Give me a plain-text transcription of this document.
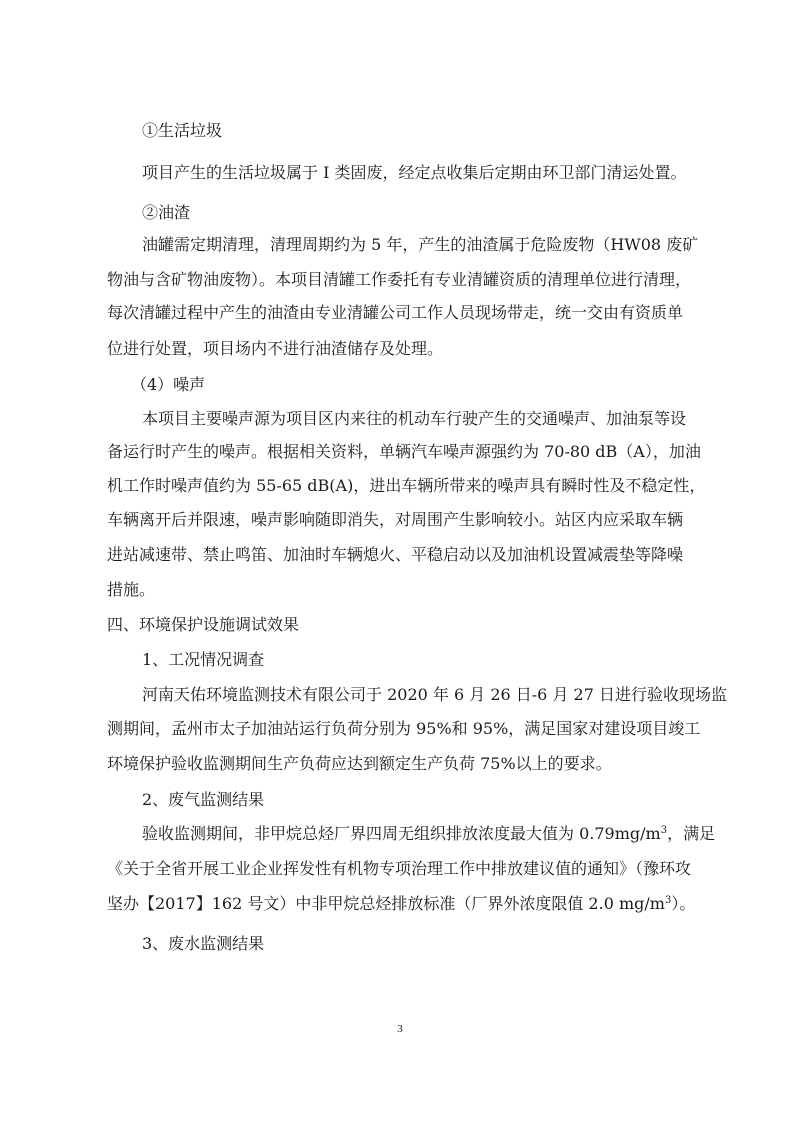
①生活垃圾
项目产生的生活垃圾属于 I 类固废，经定点收集后定期由环卫部门清运处置。
②油渣
油罐需定期清理，清理周期约为 5 年，产生的油渣属于危险废物（HW08 废矿
物油与含矿物油废物）。本项目清罐工作委托有专业清罐资质的清理单位进行清理，
每次清罐过程中产生的油渣由专业清罐公司工作人员现场带走，统一交由有资质单
位进行处置，项目场内不进行油渣储存及处理。
（4）噪声
本项目主要噪声源为项目区内来往的机动车行驶产生的交通噪声、加油泵等设
备运行时产生的噪声。根据相关资料，单辆汽车噪声源强约为 70-80 dB（A），加油
机工作时噪声值约为 55-65 dB(A)，进出车辆所带来的噪声具有瞬时性及不稳定性，
车辆离开后并限速，噪声影响随即消失，对周围产生影响较小。站区内应采取车辆
进站减速带、禁止鸣笛、加油时车辆熄火、平稳启动以及加油机设置减震垫等降噪
措施。
四、环境保护设施调试效果
1、工况情况调查
河南天佑环境监测技术有限公司于 2020 年 6 月 26 日-6 月 27 日进行验收现场监
测期间，孟州市太子加油站运行负荷分别为 95%和 95%，满足国家对建设项目竣工
环境保护验收监测期间生产负荷应达到额定生产负荷 75%以上的要求。
2、废气监测结果
验收监测期间，非甲烷总烃厂界四周无组织排放浓度最大值为 $0.79mg/m^3$，满足
《关于全省开展工业企业挥发性有机物专项治理工作中排放建议值的通知》（豫环攻
坚办【2017】162 号文）中非甲烷总烃排放标准（厂界外浓度限值 2.0 $mg/m^3$）。
3、废水监测结果
3
